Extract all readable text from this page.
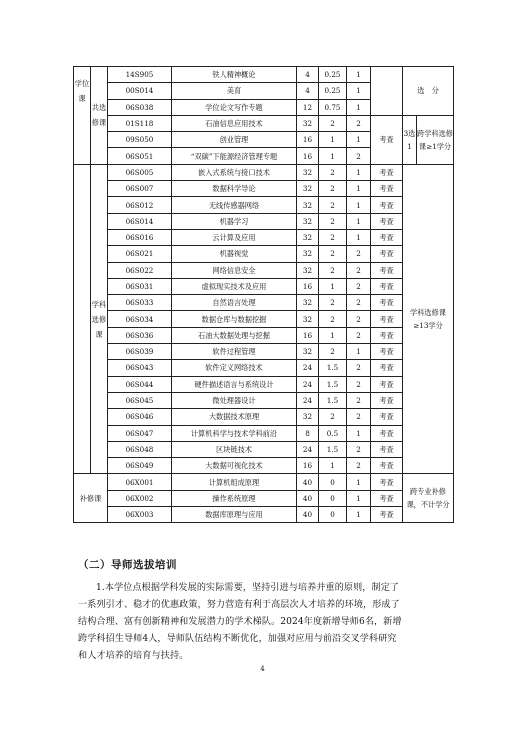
学位课	共选修课	14S905	铁人精神概论	4	0.25	1		选　分	
		00S014	美育	4	0.25	1			
		06S038	学位论文写作专题	12	0.75	1			
		01S118	石油信息应用技术	32	2	2	考查	3选1	跨学科选修课≥1学分
		09S050	创业管理	16	1	1			
		06S051	“双碳”下能源经济管理专题	16	1	2			
	学科选修课	06S005	嵌入式系统与接口技术	32	2	1	考查	学科选修课≥13学分	
		06S007	数据科学导论	32	2	1	考查		
		06S012	无线传感器网络	32	2	1	考查		
		06S014	机器学习	32	2	1	考查		
		06S016	云计算及应用	32	2	1	考查		
		06S021	机器视觉	32	2	2	考查		
		06S022	网络信息安全	32	2	2	考查		
		06S031	虚拟现实技术及应用	16	1	2	考查		
		06S033	自然语言处理	32	2	2	考查		
		06S034	数据仓库与数据挖掘	32	2	2	考查		
		06S036	石油大数据处理与挖掘	16	1	2	考查		
		06S039	软件过程管理	32	2	1	考查		
		06S043	软件定义网络技术	24	1.5	2	考查		
		06S044	硬件描述语言与系统设计	24	1.5	2	考查		
		06S045	微处理器设计	24	1.5	2	考查		
		06S046	大数据技术原理	32	2	2	考查		
		06S047	计算机科学与技术学科前沿	8	0.5	1	考查		
		06S048	区块链技术	24	1.5	2	考查		
		06S049	大数据可视化技术	16	1	2	考查		
补修课		06X001	计算机组成原理	40	0	1	考查	跨专业补修课，不计学分	
		06X002	操作系统原理	40	0	1	考查		
		06X003	数据库原理与应用	40	0	1	考查		
（二）导师选拔培训
1.本学位点根据学科发展的实际需要，坚持引进与培养并重的原则，制定了
一系列引才、稳才的优惠政策，努力营造有利于高层次人才培养的环境，形成了
结构合理、富有创新精神和发展潜力的学术梯队。2024年度新增导师6名，新增
跨学科招生导师4人，导师队伍结构不断优化，加强对应用与前沿交叉学科研究
和人才培养的培育与扶持。
4
